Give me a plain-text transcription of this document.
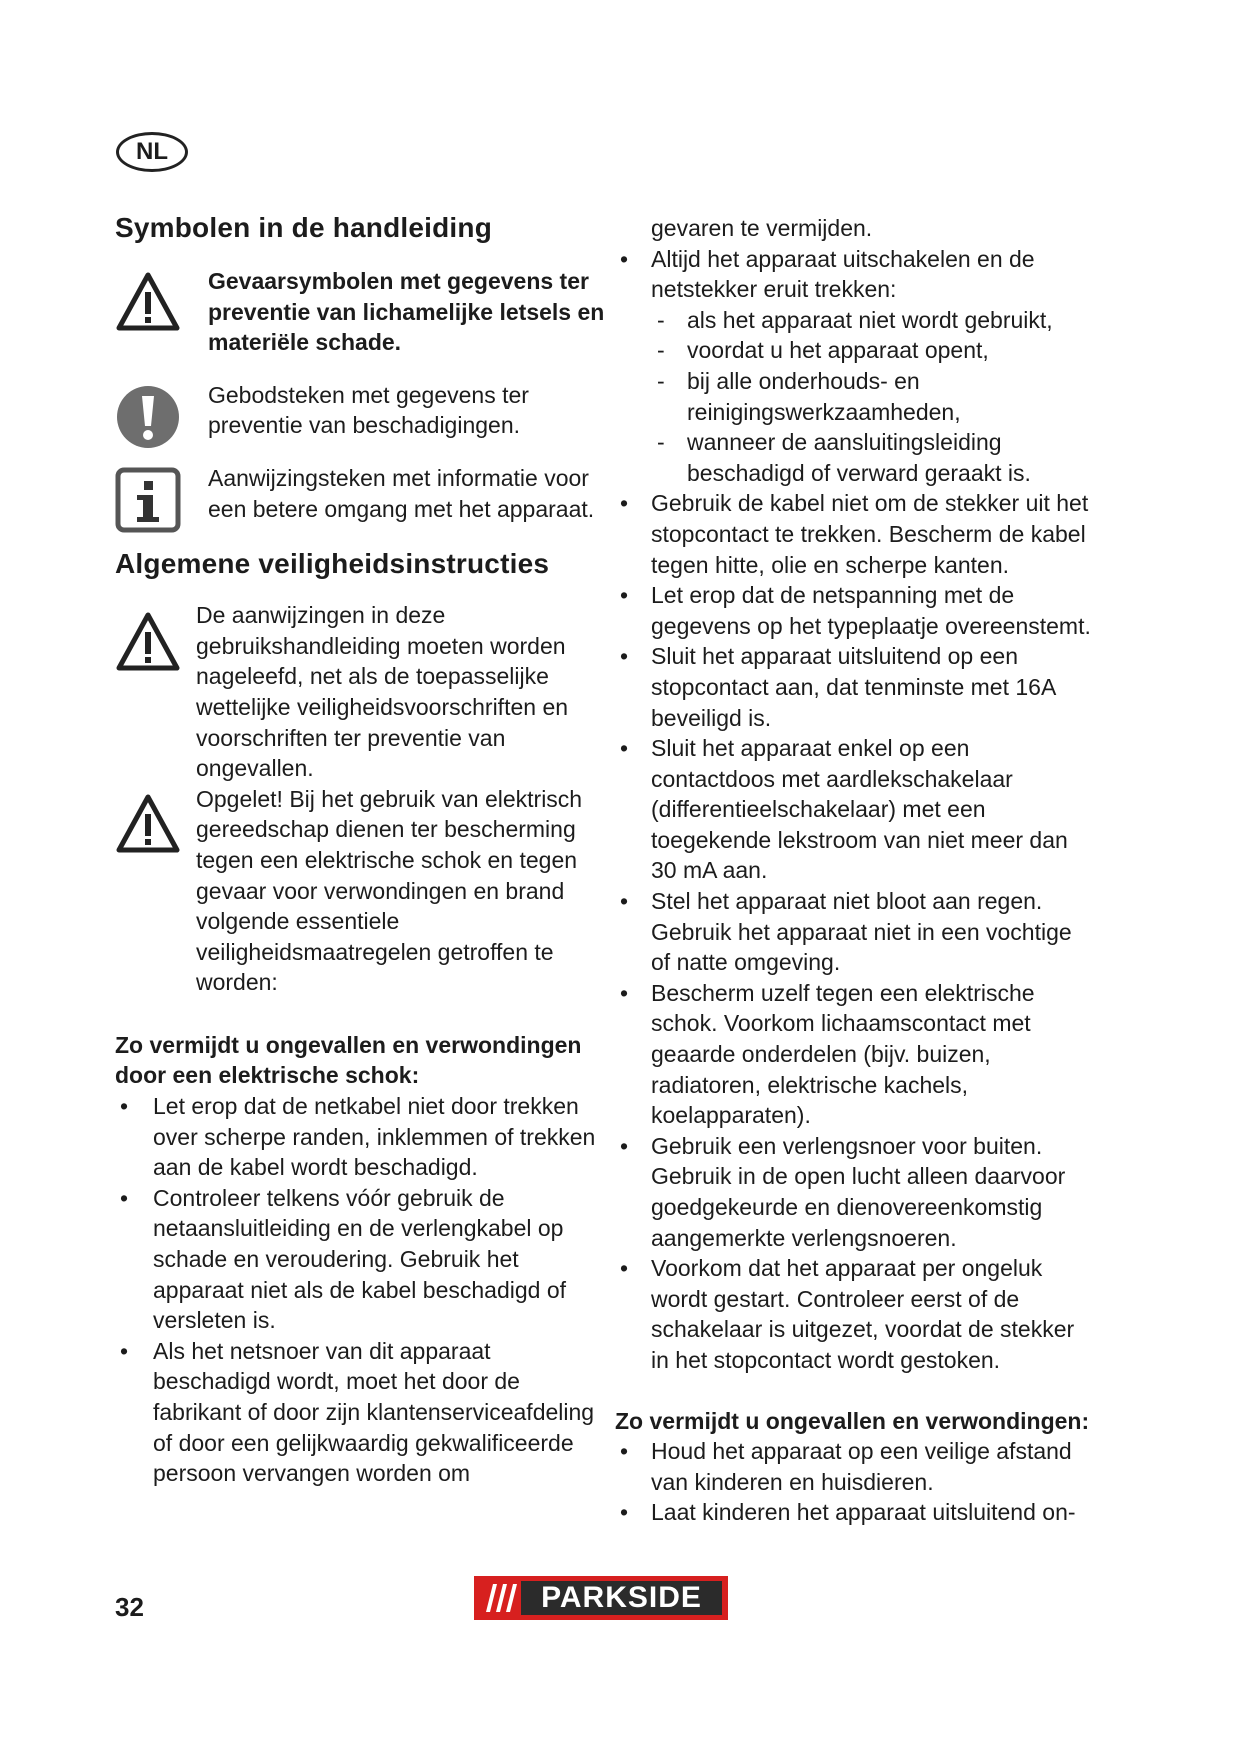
NL
Symbolen in de handleiding
Gevaarsymbolen met gegevens ter preventie van lichamelijke letsels en materiële schade.
Gebodsteken met gegevens ter preventie van beschadigingen.
Aanwijzingsteken met informatie voor een betere omgang met het apparaat.
Algemene veiligheidsinstructies
De aanwijzingen in deze gebruikshandleiding moeten worden nageleefd, net als de toepasselijke wettelijke veiligheidsvoorschriften en voorschriften ter preventie van ongevallen.
Opgelet! Bij het gebruik van elektrisch gereedschap dienen ter bescherming tegen een elektrische schok en tegen gevaar voor verwondingen en brand volgende essentiele veiligheidsmaatregelen getroffen te worden:
Zo vermijdt u ongevallen en verwondingen door een elektrische schok:
• Let erop dat de netkabel niet door trekken over scherpe randen, inklemmen of trekken aan de kabel wordt beschadigd.
• Controleer telkens vóór gebruik de netaansluitleiding en de verlengkabel op schade en veroudering. Gebruik het apparaat niet als de kabel beschadigd of versleten is.
• Als het netsnoer van dit apparaat beschadigd wordt, moet het door de fabrikant of door zijn klantenserviceafdeling of door een gelijkwaardig gekwalificeerde persoon vervangen worden om
gevaren te vermijden.
• Altijd het apparaat uitschakelen en de netstekker eruit trekken:
- als het apparaat niet wordt gebruikt,
- voordat u het apparaat opent,
- bij alle onderhouds- en reinigingswerkzaamheden,
- wanneer de aansluitingsleiding beschadigd of verward geraakt is.
• Gebruik de kabel niet om de stekker uit het stopcontact te trekken. Bescherm de kabel tegen hitte, olie en scherpe kanten.
• Let erop dat de netspanning met de gegevens op het typeplaatje overeenstemt.
• Sluit het apparaat uitsluitend op een stopcontact aan, dat tenminste met 16A beveiligd is.
• Sluit het apparaat enkel op een contactdoos met aardlekschakelaar (differentieelschakelaar) met een toegekende lekstroom van niet meer dan 30 mA aan.
• Stel het apparaat niet bloot aan regen. Gebruik het apparaat niet in een vochtige of natte omgeving.
• Bescherm uzelf tegen een elektrische schok. Voorkom lichaamscontact met geaarde onderdelen (bijv. buizen, radiatoren, elektrische kachels, koelapparaten).
• Gebruik een verlengsnoer voor buiten. Gebruik in de open lucht alleen daarvoor goedgekeurde en dienovereenkomstig aangemerkte verlengsnoeren.
• Voorkom dat het apparaat per ongeluk wordt gestart. Controleer eerst of de schakelaar is uitgezet, voordat de stekker in het stopcontact wordt gestoken.
Zo vermijdt u ongevallen en verwondingen:
• Houd het apparaat op een veilige afstand van kinderen en huisdieren.
• Laat kinderen het apparaat uitsluitend on-
32	PARKSIDE
